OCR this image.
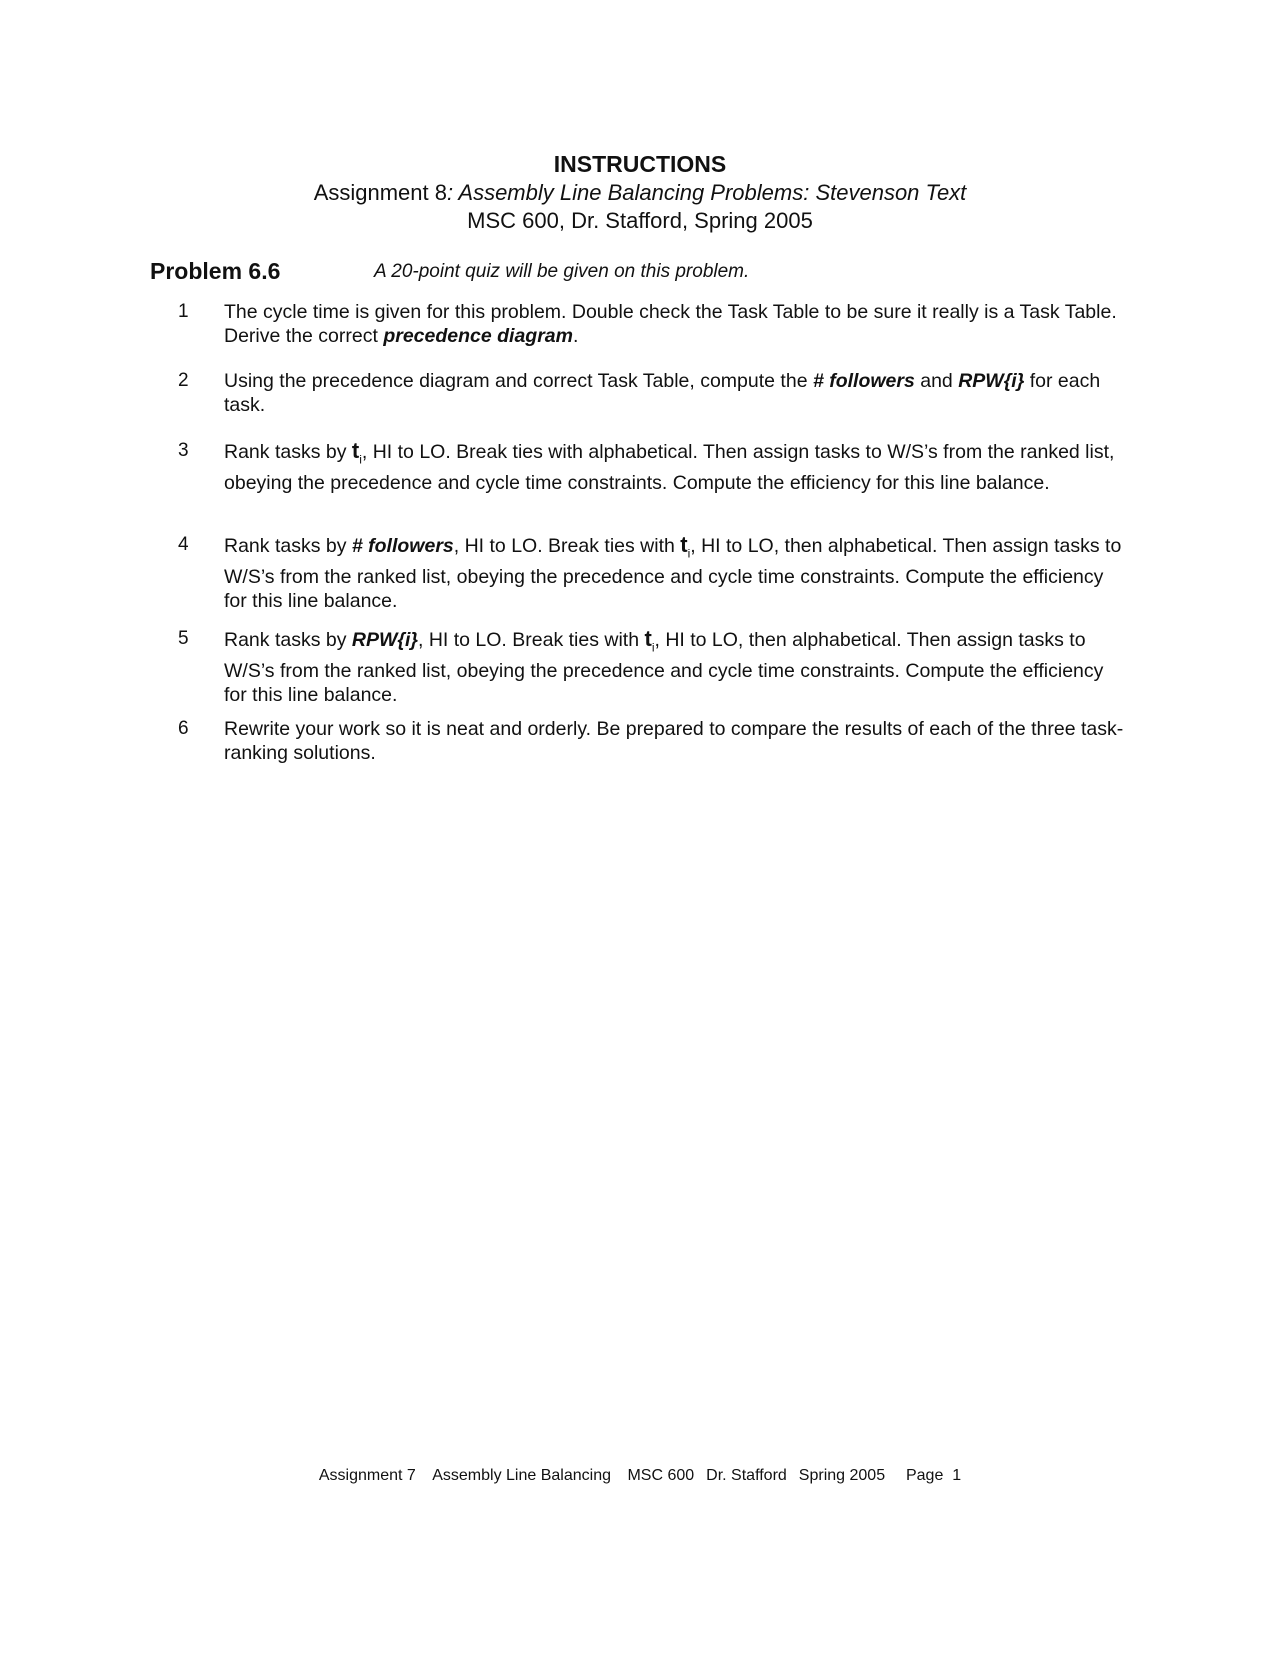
INSTRUCTIONS
Assignment 8: Assembly Line Balancing Problems: Stevenson Text
MSC 600, Dr. Stafford, Spring 2005
Problem 6.6	A 20-point quiz will be given on this problem.
1 The cycle time is given for this problem. Double check the Task Table to be sure it really is a Task Table. Derive the correct precedence diagram.
2 Using the precedence diagram and correct Task Table, compute the # followers and RPW{i} for each task.
3 Rank tasks by $t_i$, HI to LO. Break ties with alphabetical. Then assign tasks to W/S’s from the ranked list, obeying the precedence and cycle time constraints. Compute the efficiency for this line balance.
4 Rank tasks by # followers, HI to LO. Break ties with $t_i$, HI to LO, then alphabetical. Then assign tasks to W/S’s from the ranked list, obeying the precedence and cycle time constraints. Compute the efficiency for this line balance.
5 Rank tasks by RPW{i}, HI to LO. Break ties with $t_i$, HI to LO, then alphabetical. Then assign tasks to W/S’s from the ranked list, obeying the precedence and cycle time constraints. Compute the efficiency for this line balance.
6 Rewrite your work so it is neat and orderly. Be prepared to compare the results of each of the three task-ranking solutions.
Assignment 7 Assembly Line Balancing MSC 600 Dr. Stafford Spring 2005 Page  1
